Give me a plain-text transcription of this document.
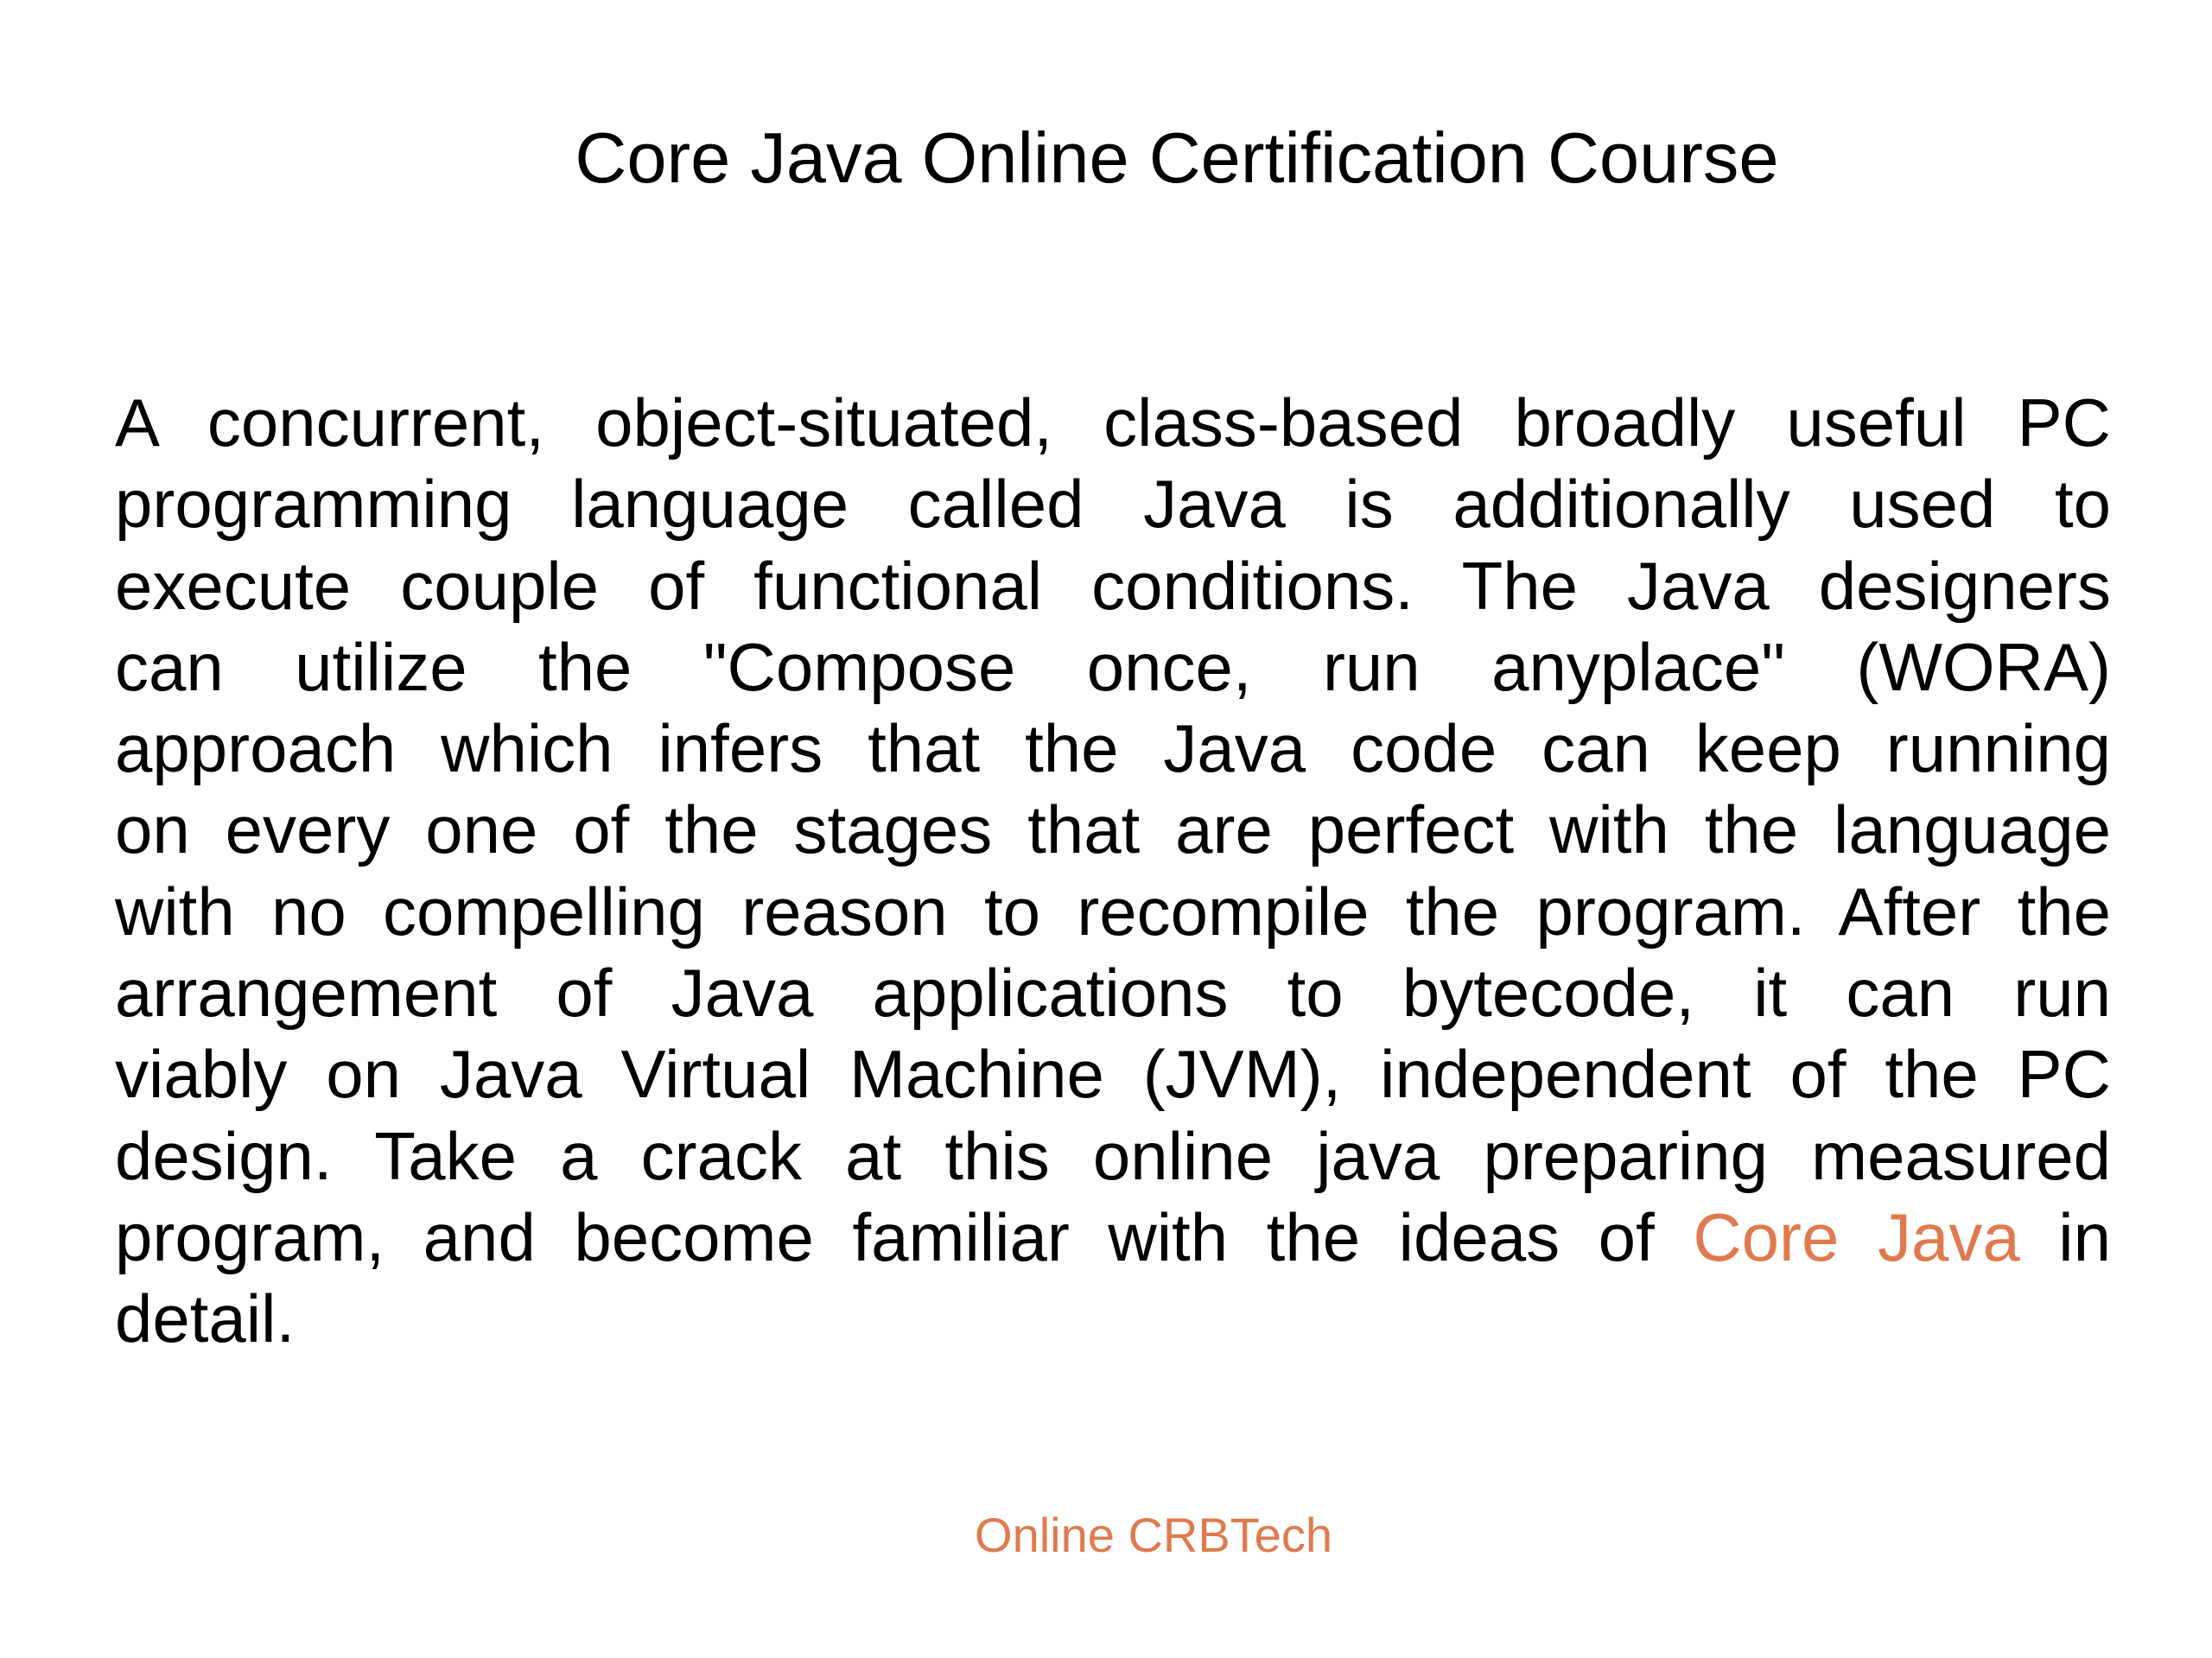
Core Java Online Certification Course
A concurrent, object-situated, class-based broadly useful PC
programming language called Java is additionally used to
execute couple of functional conditions. The Java designers
can utilize the "Compose once, run anyplace" (WORA)
approach which infers that the Java code can keep running
on every one of the stages that are perfect with the language
with no compelling reason to recompile the program. After the
arrangement of Java applications to bytecode, it can run
viably on Java Virtual Machine (JVM), independent of the PC
design. Take a crack at this online java preparing measured
program, and become familiar with the ideas of Core Java in
detail.
Online CRBTech
